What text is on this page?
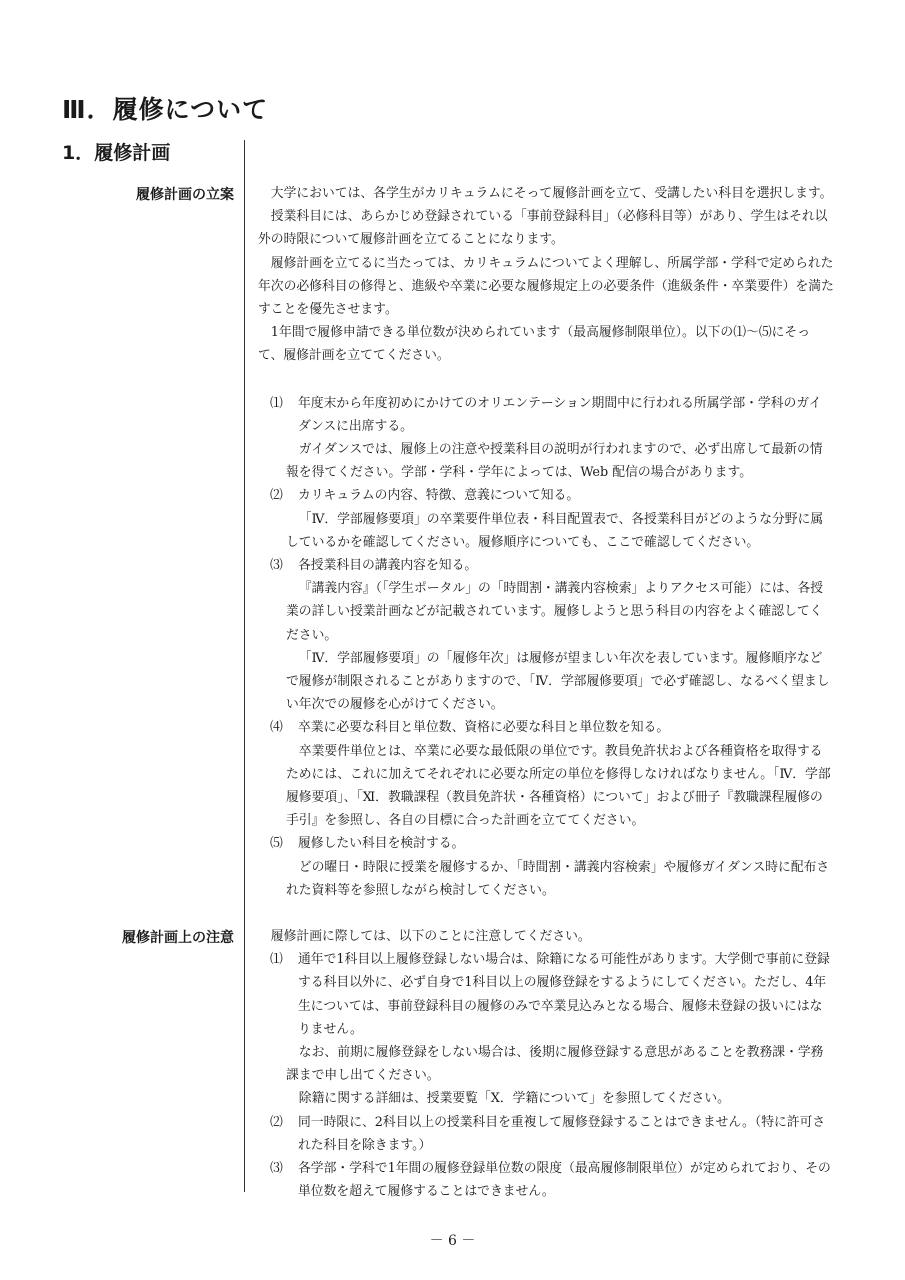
Ⅲ．履修について
1．履修計画
履修計画の立案	大学においては、各学生がカリキュラムにそって履修計画を立て、受講したい科目を選択します。

授業科目には、あらかじめ登録されている「事前登録科目」（必修科目等）があり、学生はそれ以外の時限について履修計画を立てることになります。

履修計画を立てるに当たっては、カリキュラムについてよく理解し、所属学部・学科で定められた年次の必修科目の修得と、進級や卒業に必要な履修規定上の必要条件（進級条件・卒業要件）を満たすことを優先させます。

1年間で履修申請できる単位数が決められています（最高履修制限単位）。以下の⑴〜⑸にそって、履修計画を立ててください。

⑴	年度末から年度初めにかけてのオリエンテーション期間中に行われる所属学部・学科のガイダンスに出席する。

ガイダンスでは、履修上の注意や授業科目の説明が行われますので、必ず出席して最新の情報を得てください。学部・学科・学年によっては、Web 配信の場合があります。

⑵	カリキュラムの内容、特徴、意義について知る。

「Ⅳ．学部履修要項」の卒業要件単位表・科目配置表で、各授業科目がどのような分野に属しているかを確認してください。履修順序についても、ここで確認してください。

⑶	各授業科目の講義内容を知る。

『講義内容』（「学生ポータル」の「時間割・講義内容検索」よりアクセス可能）には、各授業の詳しい授業計画などが記載されています。履修しようと思う科目の内容をよく確認してください。

「Ⅳ．学部履修要項」の「履修年次」は履修が望ましい年次を表しています。履修順序などで履修が制限されることがありますので、「Ⅳ．学部履修要項」で必ず確認し、なるべく望ましい年次での履修を心がけてください。

⑷	卒業に必要な科目と単位数、資格に必要な科目と単位数を知る。

卒業要件単位とは、卒業に必要な最低限の単位です。教員免許状および各種資格を取得するためには、これに加えてそれぞれに必要な所定の単位を修得しなければなりません。「Ⅳ．学部履修要項」、「Ⅺ．教職課程（教員免許状・各種資格）について」および冊子『教職課程履修の手引』を参照し、各自の目標に合った計画を立ててください。

⑸	履修したい科目を検討する。

どの曜日・時限に授業を履修するか、「時間割・講義内容検索」や履修ガイダンス時に配布された資料等を参照しながら検討してください。

履修計画上の注意	履修計画に際しては、以下のことに注意してください。

⑴	通年で1科目以上履修登録しない場合は、除籍になる可能性があります。大学側で事前に登録する科目以外に、必ず自身で1科目以上の履修登録をするようにしてください。ただし、4年生については、事前登録科目の履修のみで卒業見込みとなる場合、履修未登録の扱いにはなりません。

なお、前期に履修登録をしない場合は、後期に履修登録する意思があることを教務課・学務課まで申し出てください。

除籍に関する詳細は、授業要覧「Ⅹ．学籍について」を参照してください。

⑵	同一時限に、2科目以上の授業科目を重複して履修登録することはできません。（特に許可された科目を除きます。）
⑶	各学部・学科で1年間の履修登録単位数の限度（最高履修制限単位）が定められており、その単位数を超えて履修することはできません。
－ 6 －
